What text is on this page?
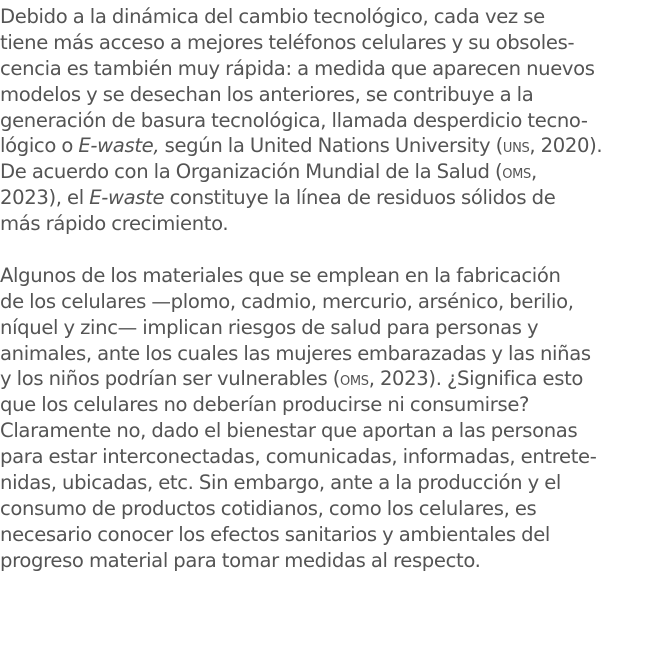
Debido a la dinámica del cambio tecnológico, cada vez se
tiene más acceso a mejores teléfonos celulares y su obsoles-
cencia es también muy rápida: a medida que aparecen nuevos
modelos y se desechan los anteriores, se contribuye a la
generación de basura tecnológica, llamada desperdicio tecno-
lógico o E-waste, según la United Nations University (uns, 2020).
De acuerdo con la Organización Mundial de la Salud (oms,
2023), el E-waste constituye la línea de residuos sólidos de
más rápido crecimiento.
Algunos de los materiales que se emplean en la fabricación
de los celulares —plomo, cadmio, mercurio, arsénico, berilio,
níquel y zinc— implican riesgos de salud para personas y
animales, ante los cuales las mujeres embarazadas y las niñas
y los niños podrían ser vulnerables (oms, 2023). ¿Significa esto
que los celulares no deberían producirse ni consumirse?
Claramente no, dado el bienestar que aportan a las personas
para estar interconectadas, comunicadas, informadas, entrete-
nidas, ubicadas, etc. Sin embargo, ante a la producción y el
consumo de productos cotidianos, como los celulares, es
necesario conocer los efectos sanitarios y ambientales del
progreso material para tomar medidas al respecto.
